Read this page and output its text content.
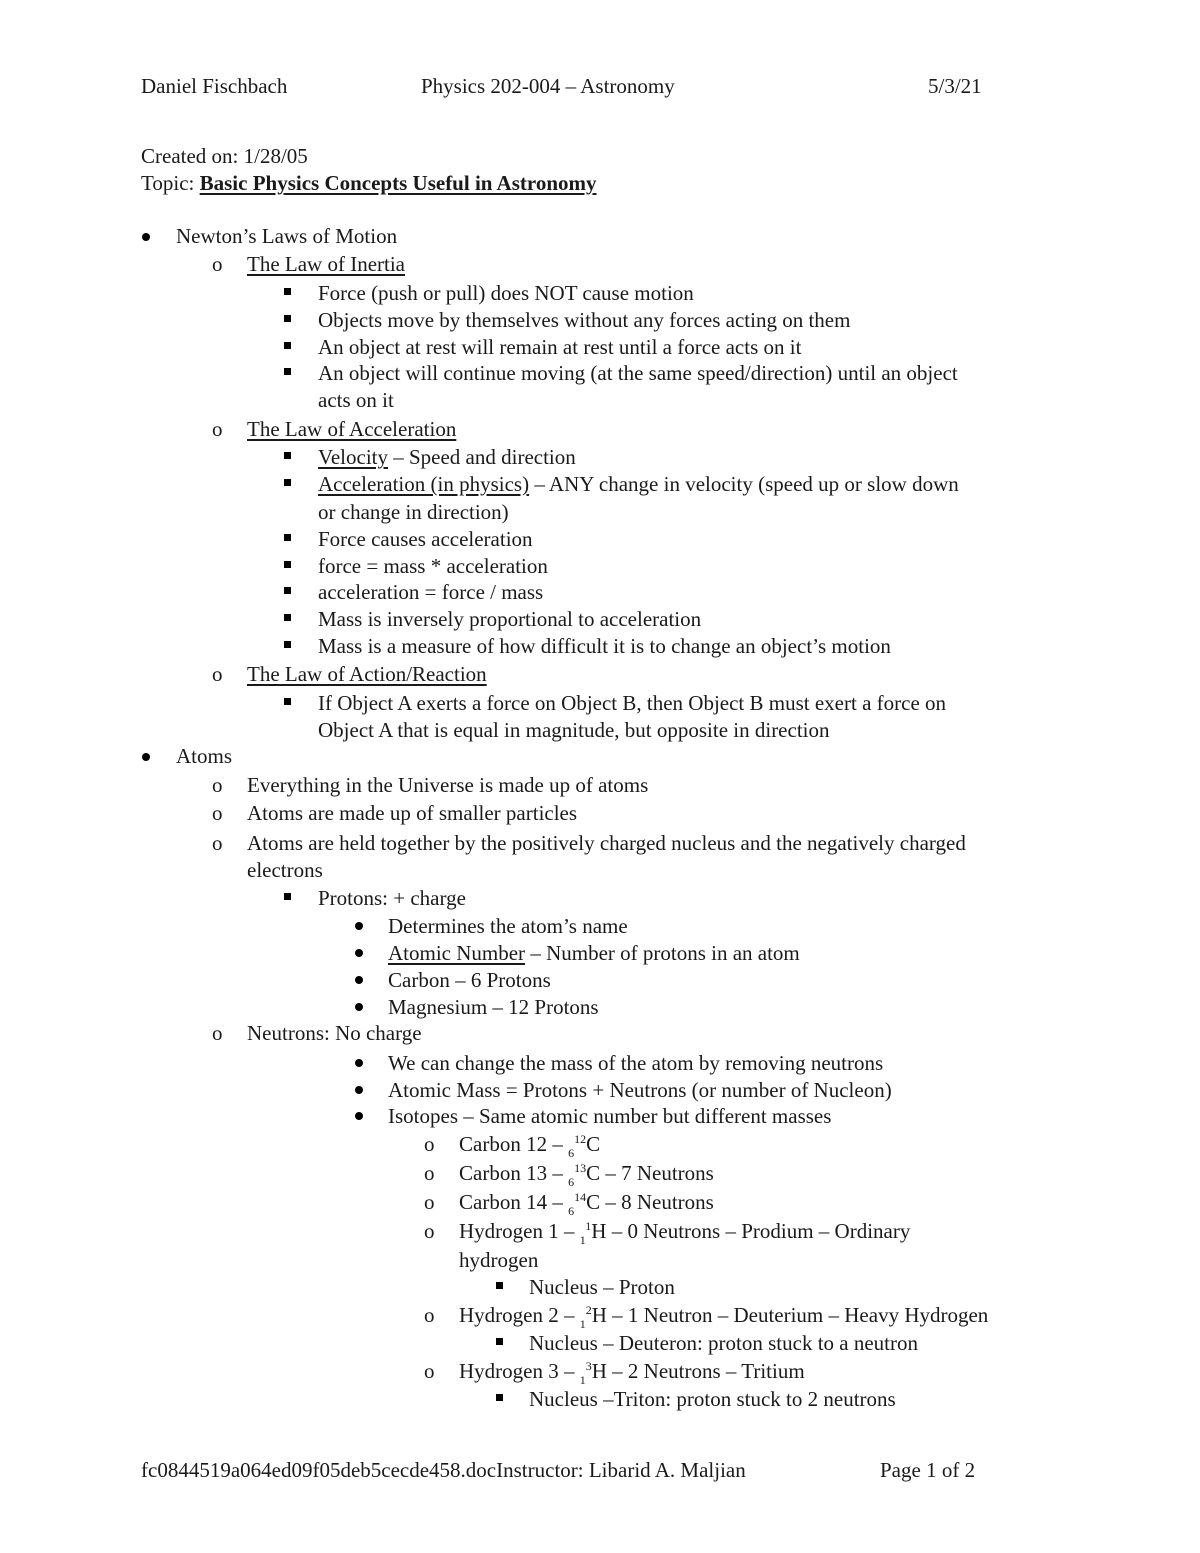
Daniel Fischbach	Physics 202-004 – Astronomy	5/3/21
Created on: 1/28/05
Topic: Basic Physics Concepts Useful in Astronomy
Newton’s Laws of Motion
o The Law of Inertia
Force (push or pull) does NOT cause motion
Objects move by themselves without any forces acting on them
An object at rest will remain at rest until a force acts on it
An object will continue moving (at the same speed/direction) until an object
acts on it
o The Law of Acceleration
Velocity – Speed and direction
Acceleration (in physics) – ANY change in velocity (speed up or slow down
or change in direction)
Force causes acceleration
force = mass * acceleration
acceleration = force / mass
Mass is inversely proportional to acceleration
Mass is a measure of how difficult it is to change an object’s motion
o The Law of Action/Reaction
If Object A exerts a force on Object B, then Object B must exert a force on
Object A that is equal in magnitude, but opposite in direction
Atoms
o Everything in the Universe is made up of atoms
o Atoms are made up of smaller particles
o Atoms are held together by the positively charged nucleus and the negatively charged
electrons
Protons: + charge
Determines the atom’s name
Atomic Number – Number of protons in an atom
Carbon – 6 Protons
Magnesium – 12 Protons
o Neutrons: No charge
We can change the mass of the atom by removing neutrons
Atomic Mass = Protons + Neutrons (or number of Nucleon)
Isotopes – Same atomic number but different masses
o Carbon 12 – $_6^{12}$C
o Carbon 13 – $_6^{13}$C – 7 Neutrons
o Carbon 14 – $_6^{14}$C – 8 Neutrons
o Hydrogen 1 – $_1^1$H – 0 Neutrons – Prodium – Ordinary
hydrogen
Nucleus – Proton
o Hydrogen 2 – $_1^2$H – 1 Neutron – Deuterium – Heavy Hydrogen
Nucleus – Deuteron: proton stuck to a neutron
o Hydrogen 3 – $_1^3$H – 2 Neutrons – Tritium
Nucleus –Triton: proton stuck to 2 neutrons
fc0844519a064ed09f05deb5cecde458.docInstructor: Libarid A. Maljian	Page 1 of 2
